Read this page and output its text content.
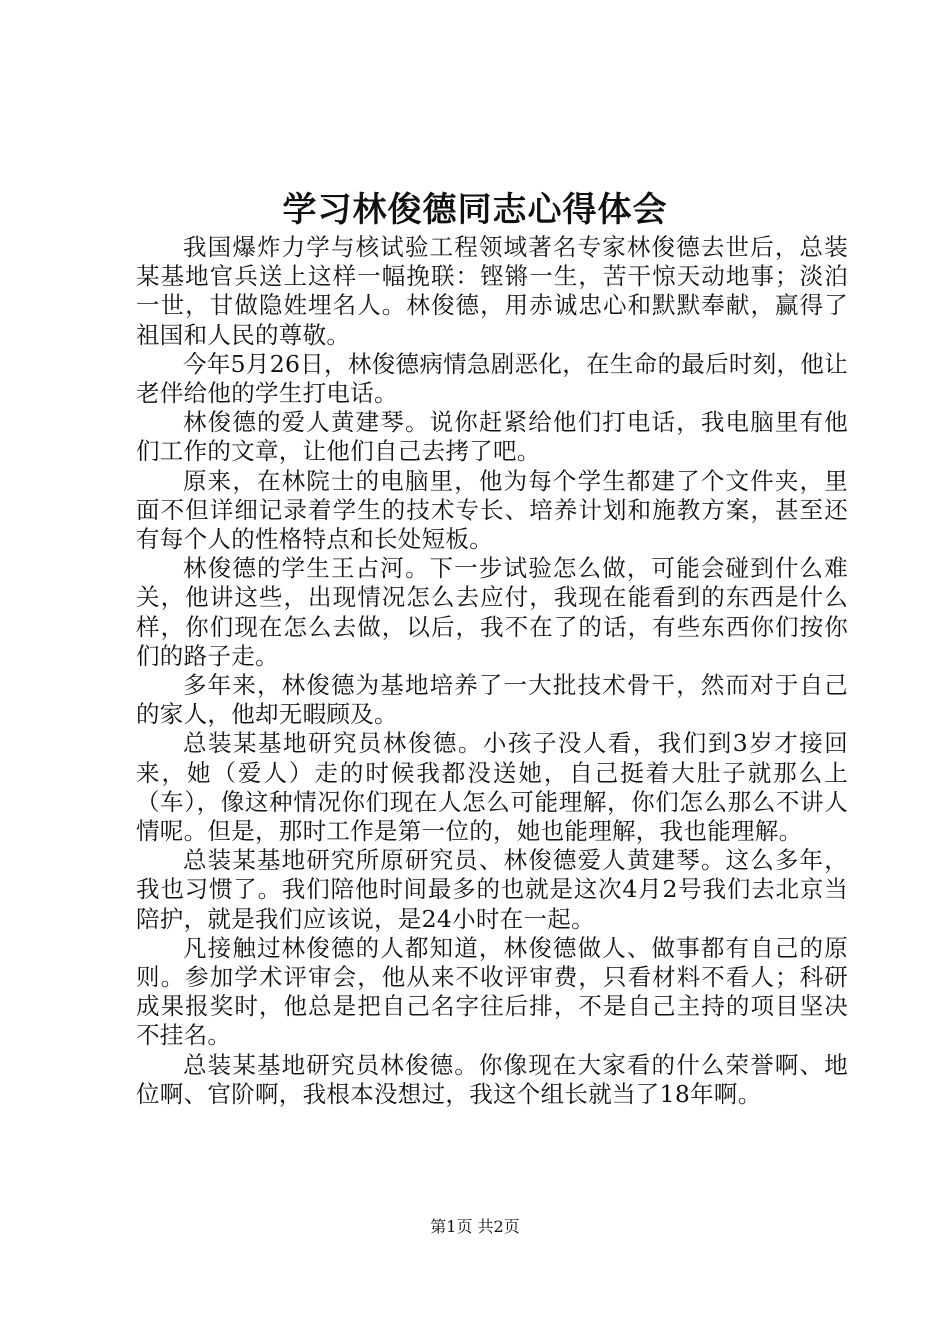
学习林俊德同志心得体会

我国爆炸力学与核试验工程领域著名专家林俊德去世后，总装某基地官兵送上这样一幅挽联：铿锵一生，苦干惊天动地事；淡泊一世，甘做隐姓埋名人。林俊德，用赤诚忠心和默默奉献，赢得了祖国和人民的尊敬。

今年5月26日，林俊德病情急剧恶化，在生命的最后时刻，他让老伴给他的学生打电话。

林俊德的爱人黄建琴。说你赶紧给他们打电话，我电脑里有他们工作的文章，让他们自己去拷了吧。

原来，在林院士的电脑里，他为每个学生都建了个文件夹，里面不但详细记录着学生的技术专长、培养计划和施教方案，甚至还有每个人的性格特点和长处短板。

林俊德的学生王占河。下一步试验怎么做，可能会碰到什么难关，他讲这些，出现情况怎么去应付，我现在能看到的东西是什么样，你们现在怎么去做，以后，我不在了的话，有些东西你们按你们的路子走。

多年来，林俊德为基地培养了一大批技术骨干，然而对于自己的家人，他却无暇顾及。

总装某基地研究员林俊德。小孩子没人看，我们到3岁才接回来，她（爱人）走的时候我都没送她，自己挺着大肚子就那么上（车），像这种情况你们现在人怎么可能理解，你们怎么那么不讲人情呢。但是，那时工作是第一位的，她也能理解，我也能理解。

总装某基地研究所原研究员、林俊德爱人黄建琴。这么多年，我也习惯了。我们陪他时间最多的也就是这次4月2号我们去北京当陪护，就是我们应该说，是24小时在一起。

凡接触过林俊德的人都知道，林俊德做人、做事都有自己的原则。参加学术评审会，他从来不收评审费，只看材料不看人；科研成果报奖时，他总是把自己名字往后排，不是自己主持的项目坚决不挂名。

总装某基地研究员林俊德。你像现在大家看的什么荣誉啊、地位啊、官阶啊，我根本没想过，我这个组长就当了18年啊。

第1页 共2页
